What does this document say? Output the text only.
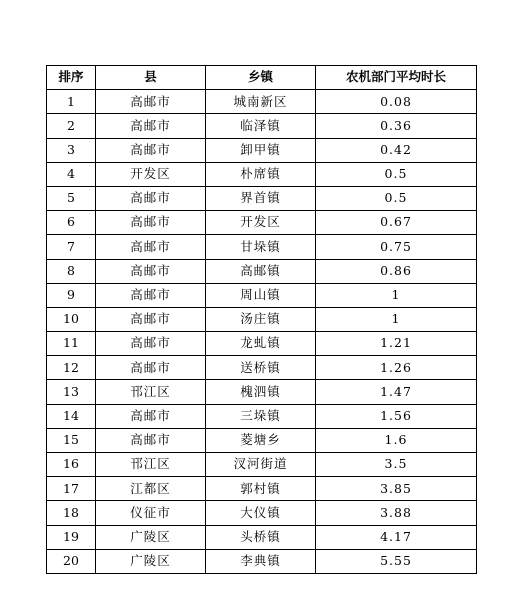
排序	县	乡镇	农机部门平均时长
1	高邮市	城南新区	0.08
2	高邮市	临泽镇	0.36
3	高邮市	卸甲镇	0.42
4	开发区	朴席镇	0.5
5	高邮市	界首镇	0.5
6	高邮市	开发区	0.67
7	高邮市	甘垛镇	0.75
8	高邮市	高邮镇	0.86
9	高邮市	周山镇	1
10	高邮市	汤庄镇	1
11	高邮市	龙虬镇	1.21
12	高邮市	送桥镇	1.26
13	邗江区	槐泗镇	1.47
14	高邮市	三垛镇	1.56
15	高邮市	菱塘乡	1.6
16	邗江区	汊河街道	3.5
17	江都区	郭村镇	3.85
18	仪征市	大仪镇	3.88
19	广陵区	头桥镇	4.17
20	广陵区	李典镇	5.55
